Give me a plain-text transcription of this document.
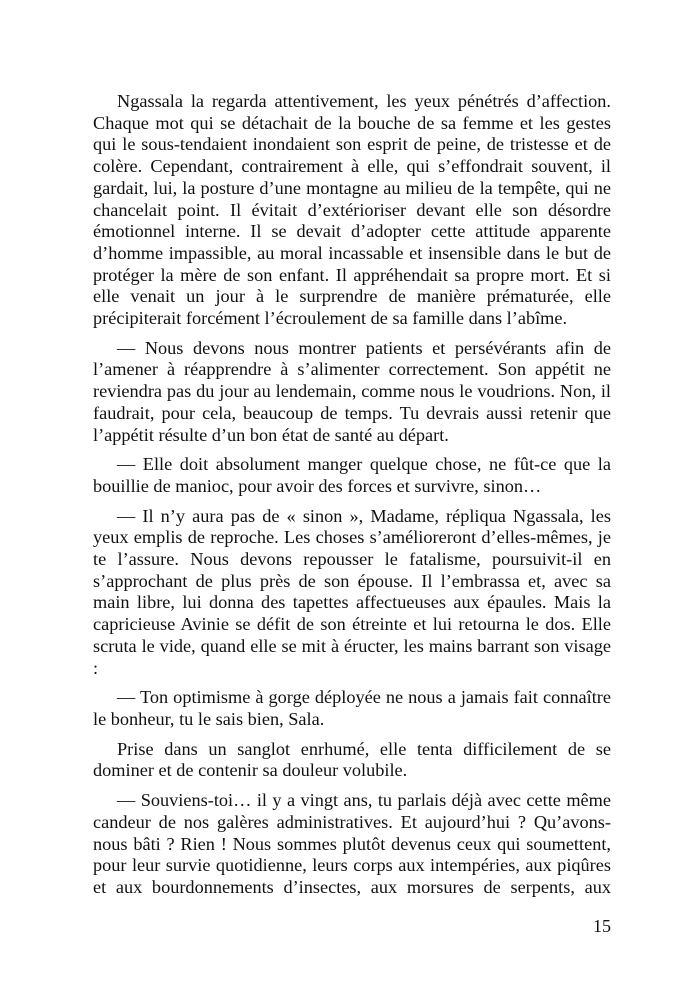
Ngassala la regarda attentivement, les yeux pénétrés d’affection. Chaque mot qui se détachait de la bouche de sa femme et les gestes qui le sous-tendaient inondaient son esprit de peine, de tristesse et de colère. Cependant, contrairement à elle, qui s’effondrait souvent, il gardait, lui, la posture d’une montagne au milieu de la tempête, qui ne chancelait point. Il évitait d’extérioriser devant elle son désordre émotionnel interne. Il se devait d’adopter cette attitude apparente d’homme impassible, au moral incassable et insensible dans le but de protéger la mère de son enfant. Il appréhendait sa propre mort. Et si elle venait un jour à le surprendre de manière prématurée, elle précipiterait forcément l’écroulement de sa famille dans l’abîme.

— Nous devons nous montrer patients et persévérants afin de l’amener à réapprendre à s’alimenter correctement. Son appétit ne reviendra pas du jour au lendemain, comme nous le voudrions. Non, il faudrait, pour cela, beaucoup de temps. Tu devrais aussi retenir que l’appétit résulte d’un bon état de santé au départ.

— Elle doit absolument manger quelque chose, ne fût-ce que la bouillie de manioc, pour avoir des forces et survivre, sinon…

— Il n’y aura pas de « sinon », Madame, répliqua Ngassala, les yeux emplis de reproche. Les choses s’amélioreront d’elles-mêmes, je te l’assure. Nous devons repousser le fatalisme, poursuivit-il en s’approchant de plus près de son épouse. Il l’embrassa et, avec sa main libre, lui donna des tapettes affectueuses aux épaules. Mais la capricieuse Avinie se défit de son étreinte et lui retourna le dos. Elle scruta le vide, quand elle se mit à éructer, les mains barrant son visage :

— Ton optimisme à gorge déployée ne nous a jamais fait connaître le bonheur, tu le sais bien, Sala.

Prise dans un sanglot enrhumé, elle tenta difficilement de se dominer et de contenir sa douleur volubile.

— Souviens-toi… il y a vingt ans, tu parlais déjà avec cette même candeur de nos galères administratives. Et aujourd’hui ? Qu’avons-nous bâti ? Rien ! Nous sommes plutôt devenus ceux qui soumettent, pour leur survie quotidienne, leurs corps aux intempéries, aux piqûres et aux bourdonnements d’insectes, aux morsures de serpents, aux

15
